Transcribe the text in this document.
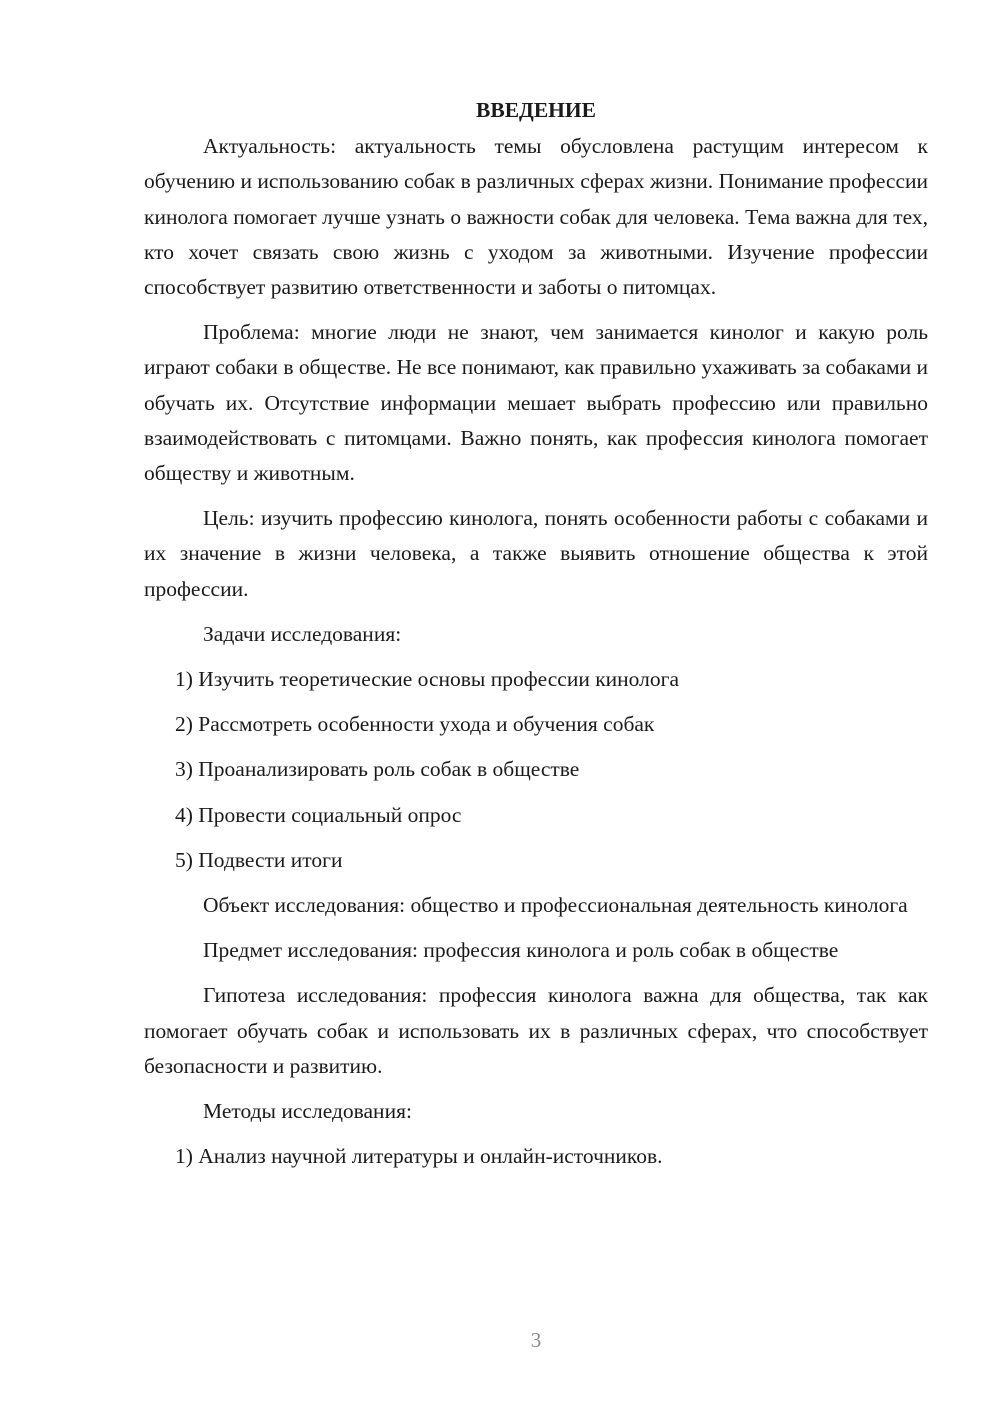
ВВЕДЕНИЕ

Актуальность: актуальность темы обусловлена растущим интересом к обучению и использованию собак в различных сферах жизни. Понимание профессии кинолога помогает лучше узнать о важности собак для человека. Тема важна для тех, кто хочет связать свою жизнь с уходом за животными. Изучение профессии способствует развитию ответственности и заботы о питомцах.

Проблема: многие люди не знают, чем занимается кинолог и какую роль играют собаки в обществе. Не все понимают, как правильно ухаживать за собаками и обучать их. Отсутствие информации мешает выбрать профессию или правильно взаимодействовать с питомцами. Важно понять, как профессия кинолога помогает обществу и животным.

Цель: изучить профессию кинолога, понять особенности работы с собаками и их значение в жизни человека, а также выявить отношение общества к этой профессии.

Задачи исследования:

1) Изучить теоретические основы профессии кинолога

2) Рассмотреть особенности ухода и обучения собак

3) Проанализировать роль собак в обществе

4) Провести социальный опрос

5) Подвести итоги

Объект исследования: общество и профессиональная деятельность кинолога

Предмет исследования: профессия кинолога и роль собак в обществе

Гипотеза исследования: профессия кинолога важна для общества, так как помогает обучать собак и использовать их в различных сферах, что способствует безопасности и развитию.

Методы исследования:

1) Анализ научной литературы и онлайн-источников.

3
